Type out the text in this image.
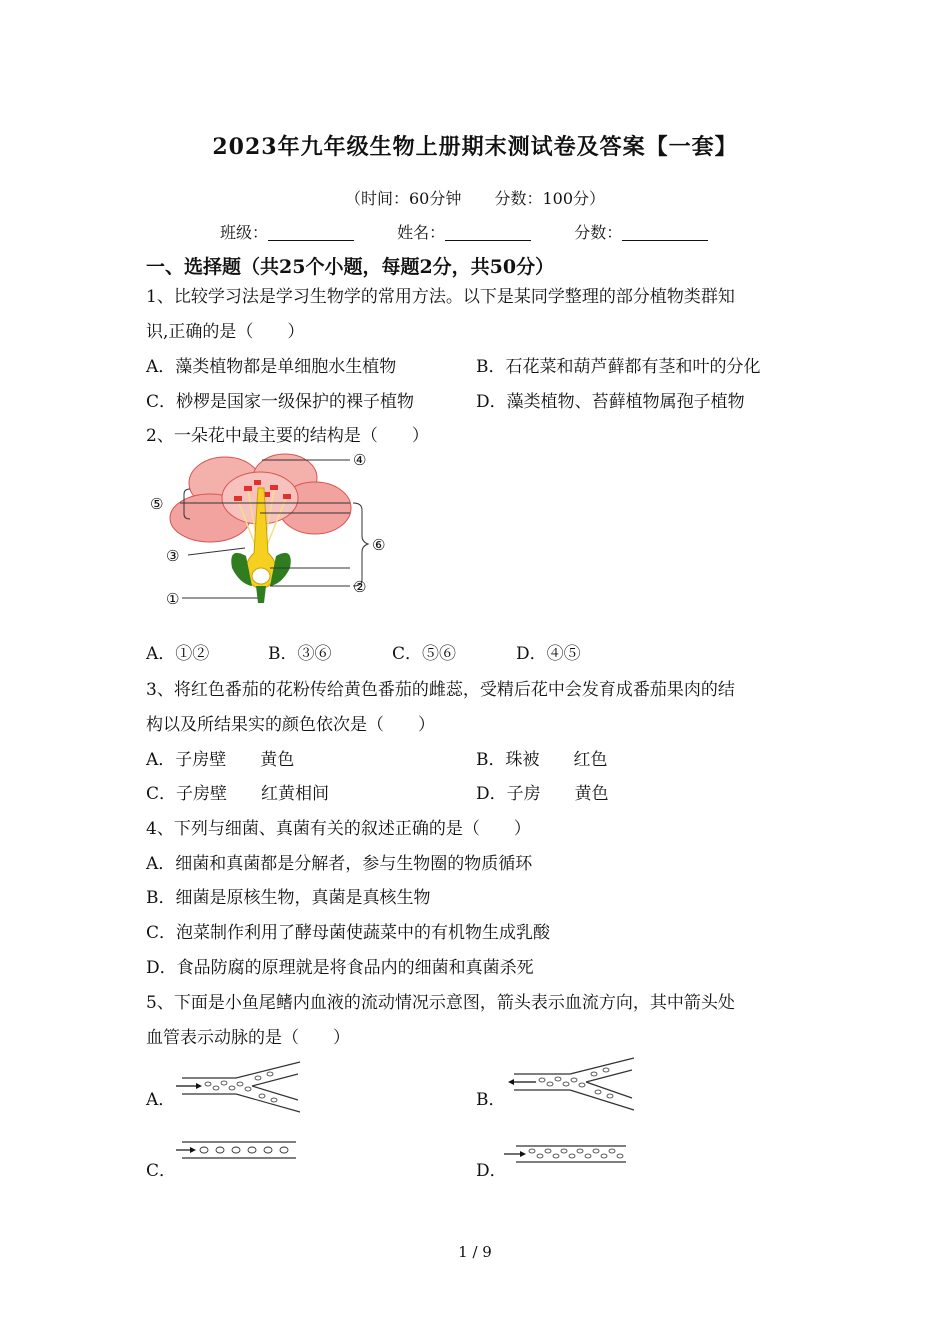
2023年九年级生物上册期末测试卷及答案【一套】
（时间：60分钟 分数：100分）
班级：	姓名：	分数：
一、选择题（共25个小题，每题2分，共50分）
1、比较学习法是学习生物学的常用方法。以下是某同学整理的部分植物类群知
识,正确的是（　　）
A．藻类植物都是单细胞水生植物	B．石花菜和葫芦藓都有茎和叶的分化
C．桫椤是国家一级保护的裸子植物	D．藻类植物、苔藓植物属孢子植物
2、一朵花中最主要的结构是（　　）
④
⑤
③
⑥
②
①
A．①②	B．③⑥	C．⑤⑥	D．④⑤
3、将红色番茄的花粉传给黄色番茄的雌蕊，受精后花中会发育成番茄果肉的结
构以及所结果实的颜色依次是（　　）
A．子房壁　　黄色	B．珠被　　红色
C．子房壁　　红黄相间	D．子房　　黄色
4、下列与细菌、真菌有关的叙述正确的是（　　）
A．细菌和真菌都是分解者，参与生物圈的物质循环
B．细菌是原核生物，真菌是真核生物
C．泡菜制作利用了酵母菌使蔬菜中的有机物生成乳酸
D．食品防腐的原理就是将食品内的细菌和真菌杀死
5、下面是小鱼尾鳍内血液的流动情况示意图，箭头表示血流方向，其中箭头处
血管表示动脉的是（　　）
A．	B．
C．	D．
1 / 9
